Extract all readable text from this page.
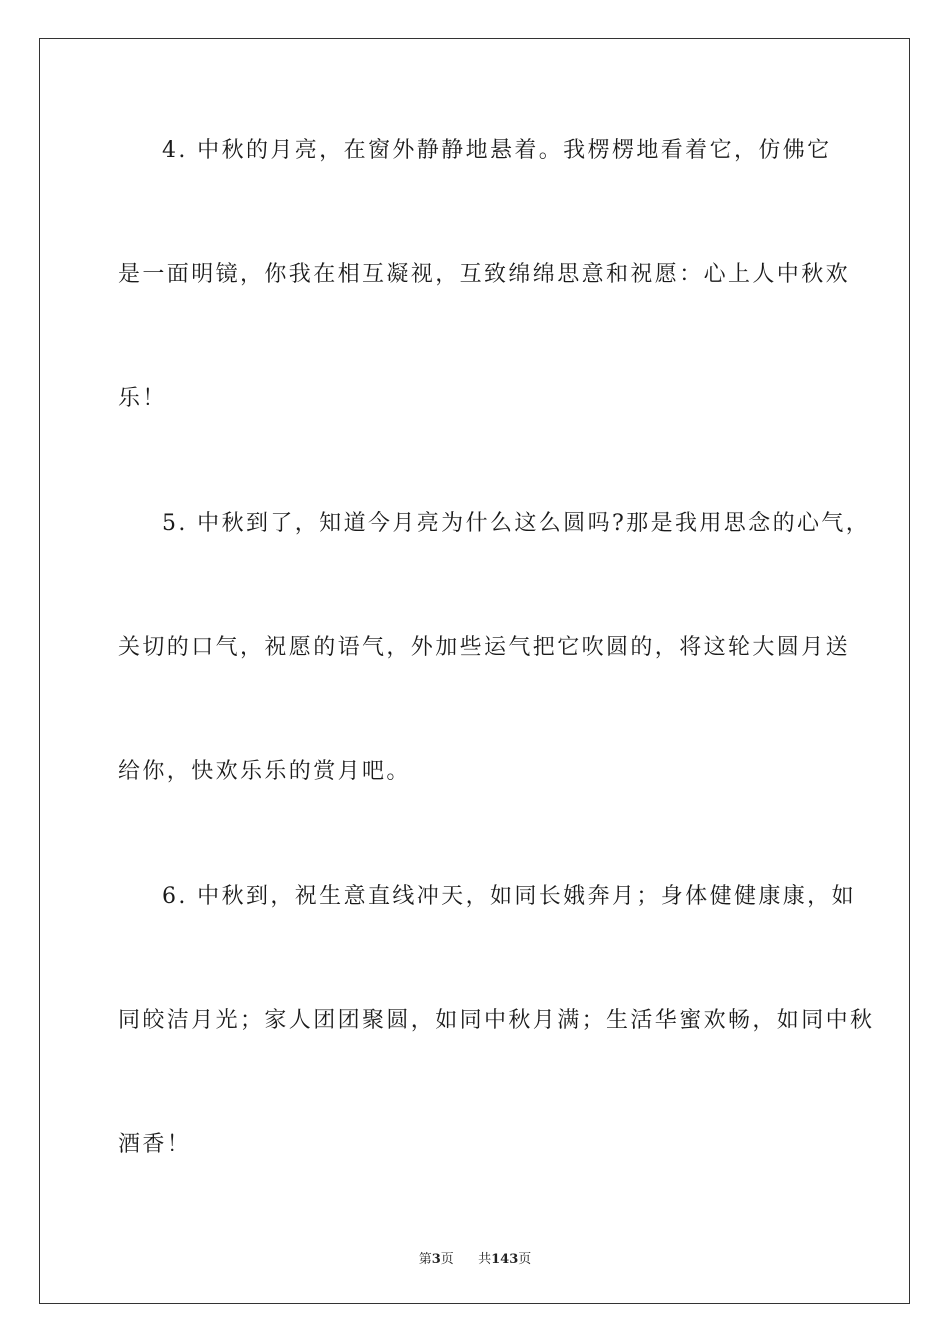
4. 中秋的月亮，在窗外静静地悬着。我楞楞地看着它，仿佛它
是一面明镜，你我在相互凝视，互致绵绵思意和祝愿：心上人中秋欢
乐！
5. 中秋到了，知道今月亮为什么这么圆吗?那是我用思念的心气，
关切的口气，祝愿的语气，外加些运气把它吹圆的，将这轮大圆月送
给你，快欢乐乐的赏月吧。
6. 中秋到，祝生意直线冲天，如同长娥奔月；身体健健康康，如
同皎洁月光；家人团团聚圆，如同中秋月满；生活华蜜欢畅，如同中秋
酒香！
第3页 共143页
